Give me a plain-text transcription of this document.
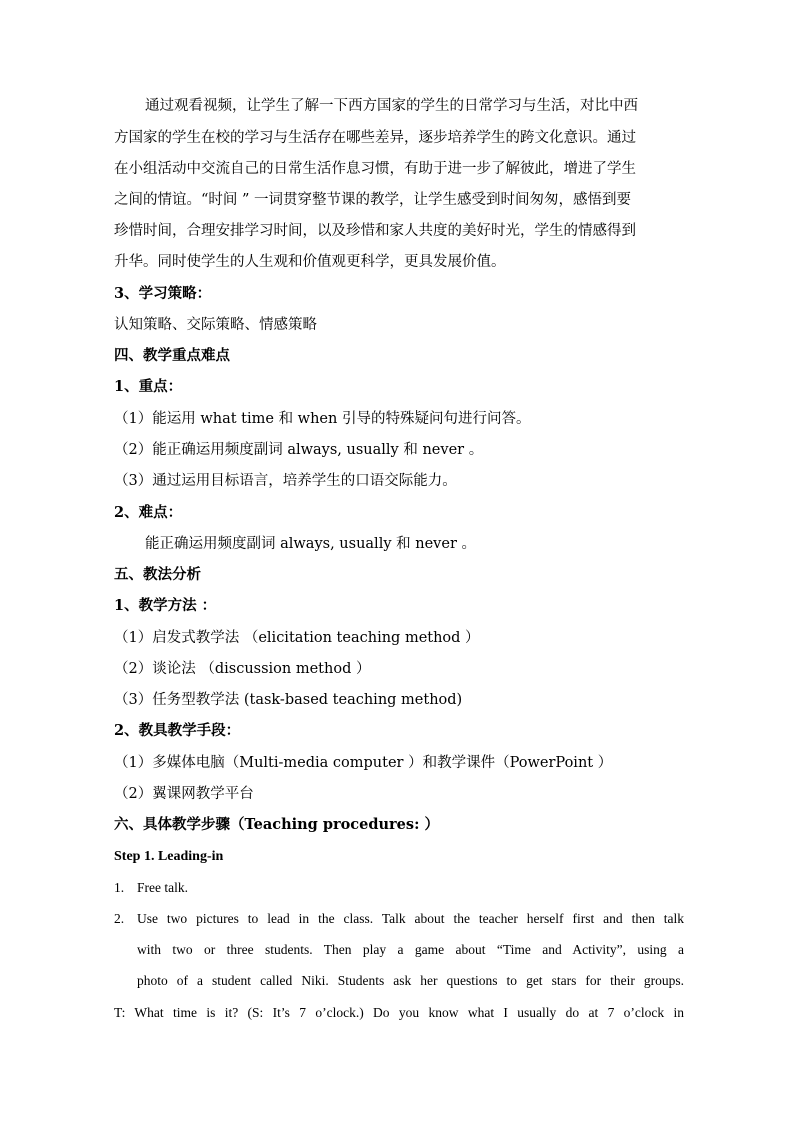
通过观看视频，让学生了解一下西方国家的学生的日常学习与生活，对比中西
方国家的学生在校的学习与生活存在哪些差异，逐步培养学生的跨文化意识。通过
在小组活动中交流自己的日常生活作息习惯，有助于进一步了解彼此，增进了学生
之间的情谊。“时间 ” 一词贯穿整节课的教学，让学生感受到时间匆匆，感悟到要
珍惜时间，合理安排学习时间，以及珍惜和家人共度的美好时光，学生的情感得到
升华。同时使学生的人生观和价值观更科学，更具发展价值。
3、学习策略：
认知策略、交际策略、情感策略
四、教学重点难点
1、重点：
（1）能运用 what time 和 when 引导的特殊疑问句进行问答。
（2）能正确运用频度副词 always, usually 和 never 。
（3）通过运用目标语言，培养学生的口语交际能力。
2、难点：
能正确运用频度副词 always, usually 和 never 。
五、教法分析
1、教学方法 ：
（1）启发式教学法 （elicitation teaching method ）
（2）谈论法 （discussion method ）
（3）任务型教学法 (task-based teaching method)
2、教具教学手段：
（1）多媒体电脑（Multi-media computer ）和教学课件（PowerPoint ）
（2）翼课网教学平台
六、具体教学步骤（Teaching procedures: ）
Step 1. Leading-in
1. Free talk.
2. Use two pictures to lead in the class. Talk about the teacher herself first and then talk
with two or three students. Then play a game about “Time and Activity”, using a
photo of a student called Niki. Students ask her questions to get stars for their groups.
T: What time is it? (S: It’s 7 o’clock.) Do you know what I usually do at 7 o’clock in
